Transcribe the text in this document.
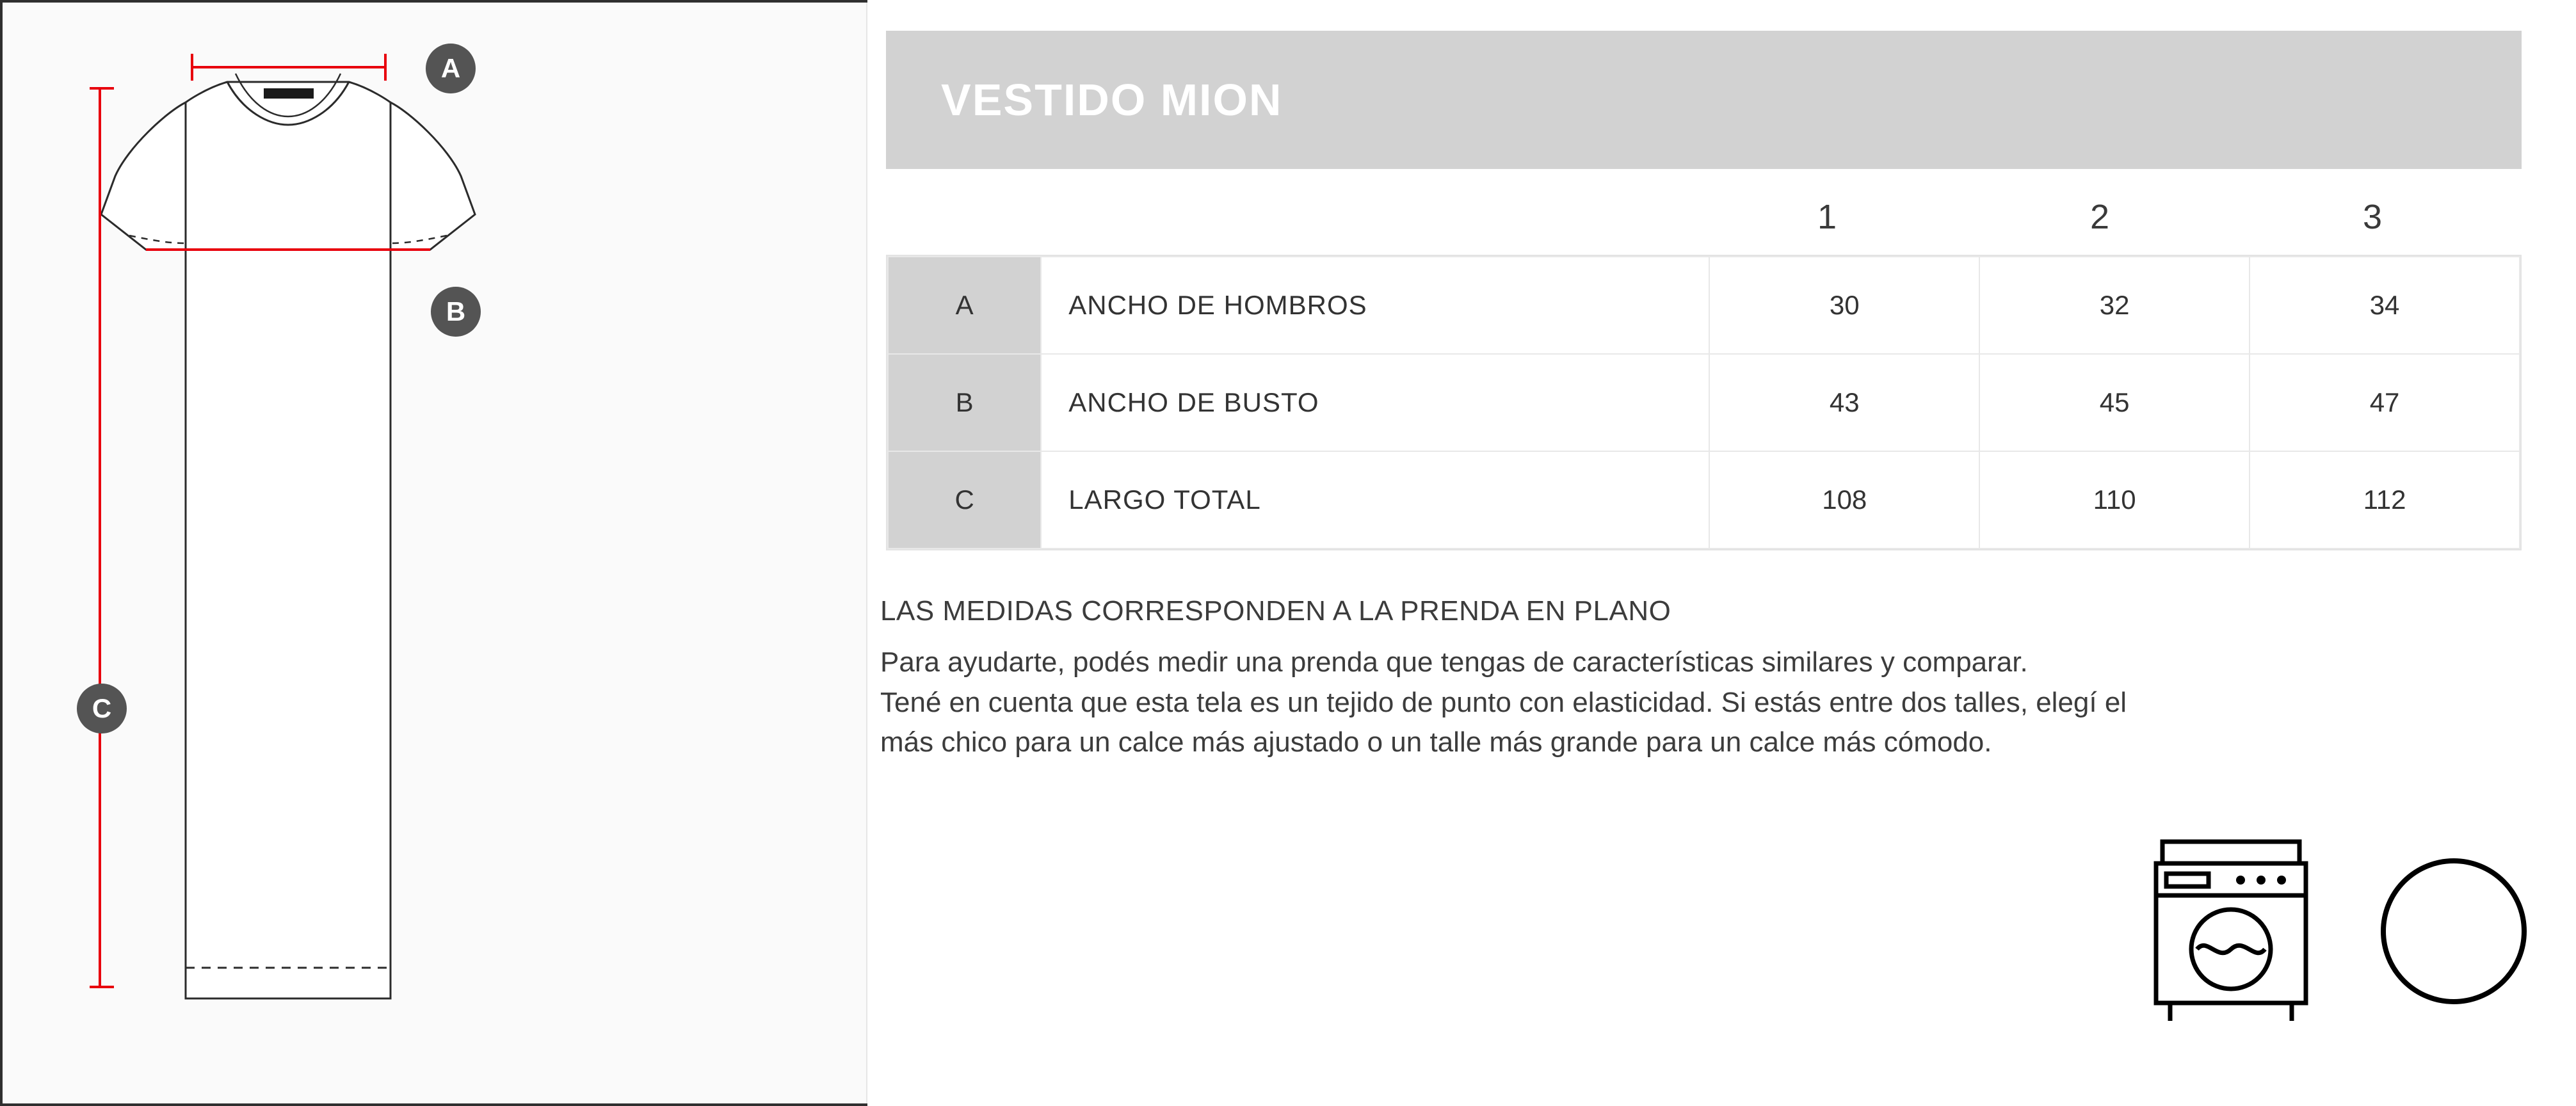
A
B
C
VESTIDO MION
1	2	3
A	ANCHO DE HOMBROS	30	32	34
B	ANCHO DE BUSTO	43	45	47
C	LARGO TOTAL	108	110	112
LAS MEDIDAS CORRESPONDEN A LA PRENDA EN PLANO
Para ayudarte, podés medir una prenda que tengas de características similares y comparar.
Tené en cuenta que esta tela es un tejido de punto con elasticidad. Si estás entre dos talles, elegí el
más chico para un calce más ajustado o un talle más grande para un calce más cómodo.
